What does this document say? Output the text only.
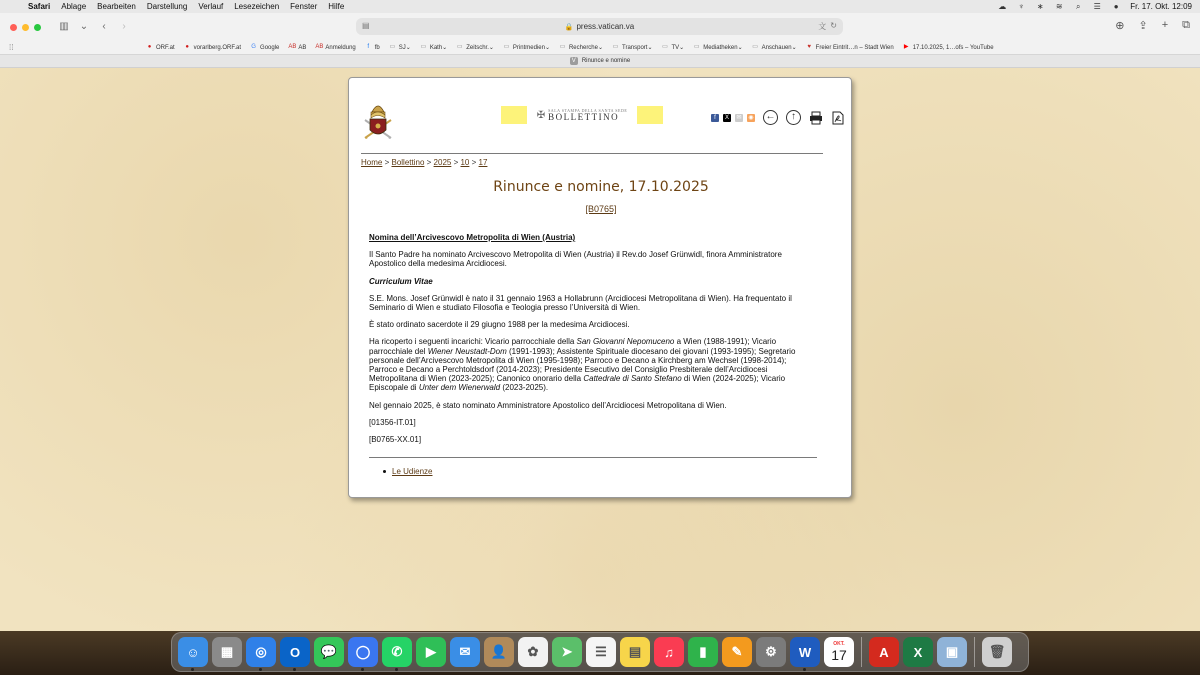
Safari Ablage Bearbeiten Darstellung Verlauf Lesezeichen Fenster Hilfe	☁ ♆ ∗ ≋	⌕	☰	●	Fr. 17. Okt. 12:09
▥ ⌄	‹	›	▤	🔒 press.vatican.va	文 ↻	⊕ ⇪ + ⧉
⁞⁞	● ORF.at ● vorarlberg.ORF.at G Google AB AB AB Anmeldung	f fb ▭ SJ ⌄ ▭ Kath ⌄ ▭ Zeitschr. ⌄ ▭ Printmedien ⌄ ▭ Recherche ⌄ ▭ Transport ⌄ ▭ TV ⌄ ▭ Mediatheken ⌄ ▭ Anschauen ⌄ ♥ Freier Eintrit…n – Stadt Wien ▶ 17.10.2025, 1…ofs – YouTube
V	Rinunce e nomine
✠ SALA STAMPA DELLA SANTA SEDE
BOLLETTINO	f	X	✉ ◉ ←	↑
Home > Bollettino > 2025 > 10 > 17
Rinunce e nomine, 17.10.2025
[B0765]
Nomina dell’Arcivescovo Metropolita di Wien (Austria)

Il Santo Padre ha nominato Arcivescovo Metropolita di Wien (Austria) il Rev.do Josef Grünwidl, finora Amministratore Apostolico della medesima Arcidiocesi.

Curriculum Vitae

S.E. Mons. Josef Grünwidl è nato il 31 gennaio 1963 a Hollabrunn (Arcidiocesi Metropolitana di Wien). Ha frequentato il Seminario di Wien e studiato Filosofia e Teologia presso l’Università di Wien.

È stato ordinato sacerdote il 29 giugno 1988 per la medesima Arcidiocesi.

Ha ricoperto i seguenti incarichi: Vicario parrocchiale della San Giovanni Nepomuceno a Wien (1988-1991); Vicario parrocchiale del Wiener Neustadt-Dom (1991-1993); Assistente Spirituale diocesano dei giovani (1993-1995); Segretario personale dell’Arcivescovo Metropolita di Wien (1995-1998); Parroco e Decano a Kirchberg am Wechsel (1998-2014); Parroco e Decano a Perchtoldsdorf (2014-2023); Presidente Esecutivo del Consiglio Presbiterale dell’Arcidiocesi Metropolitana di Wien (2023-2025); Canonico onorario della Cattedrale di Santo Stefano di Wien (2024-2025); Vicario Episcopale di Unter dem Wienerwald (2023-2025).

Nel gennaio 2025, è stato nominato Amministratore Apostolico dell’Arcidiocesi Metropolitana di Wien.

[01356-IT.01]

[B0765-XX.01]

Le Udienze
☺ ▦ ◎ O 💬 ◯ ✆ ▶ ✉ 👤 ✿ ➤ ☰ ▤ ♫ ▮ ✎ ⚙ W
OKT.
17	A X ▣ 🗑
